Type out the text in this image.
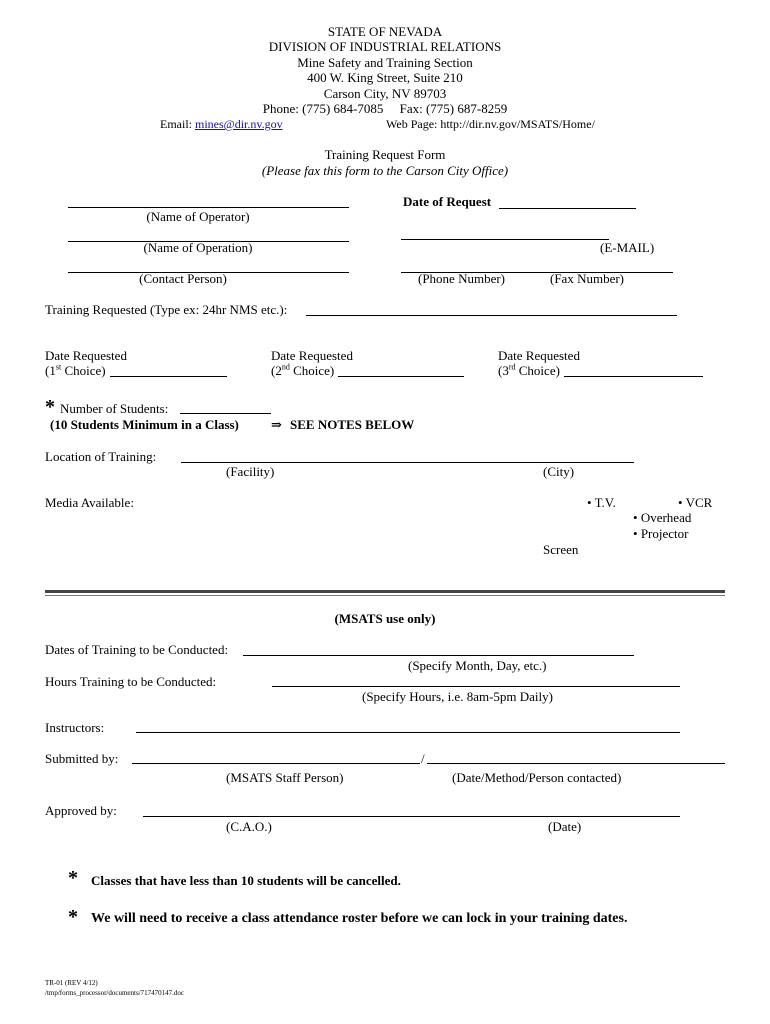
STATE OF NEVADA
DIVISION OF INDUSTRIAL RELATIONS
Mine Safety and Training Section
400 W. King Street, Suite 210
Carson City, NV 89703
Phone: (775) 684-7085     Fax: (775) 687-8259
Email: mines@dir.nv.gov	Web Page: http://dir.nv.gov/MSATS/Home/
Training Request Form
(Please fax this form to the Carson City Office)
(Name of Operator)
Date of Request
(Name of Operation)	(E-MAIL)
(Contact Person)	(Phone Number)	(Fax Number)
Training Requested (Type ex: 24hr NMS etc.):
Date Requested
(1st Choice)
Date Requested
(2nd Choice)
Date Requested
(3rd Choice)
* Number of Students:
(10 Students Minimum in a Class) ⇒ SEE NOTES BELOW
Location of Training:
(Facility)	(City)
Media Available:	• T.V.	• VCR
• Overhead
• Projector
Screen
(MSATS use only)
Dates of Training to be Conducted:
(Specify Month, Day, etc.)
Hours Training to be Conducted:
(Specify Hours, i.e. 8am-5pm Daily)
Instructors:
Submitted by:	/
(MSATS Staff Person)	(Date/Method/Person contacted)
Approved by:
(C.A.O.)	(Date)
* Classes that have less than 10 students will be cancelled.
* We will need to receive a class attendance roster before we can lock in your training dates.
TR-01 (REV 4/12)
/tmp/forms_processor/documents/717470147.doc
